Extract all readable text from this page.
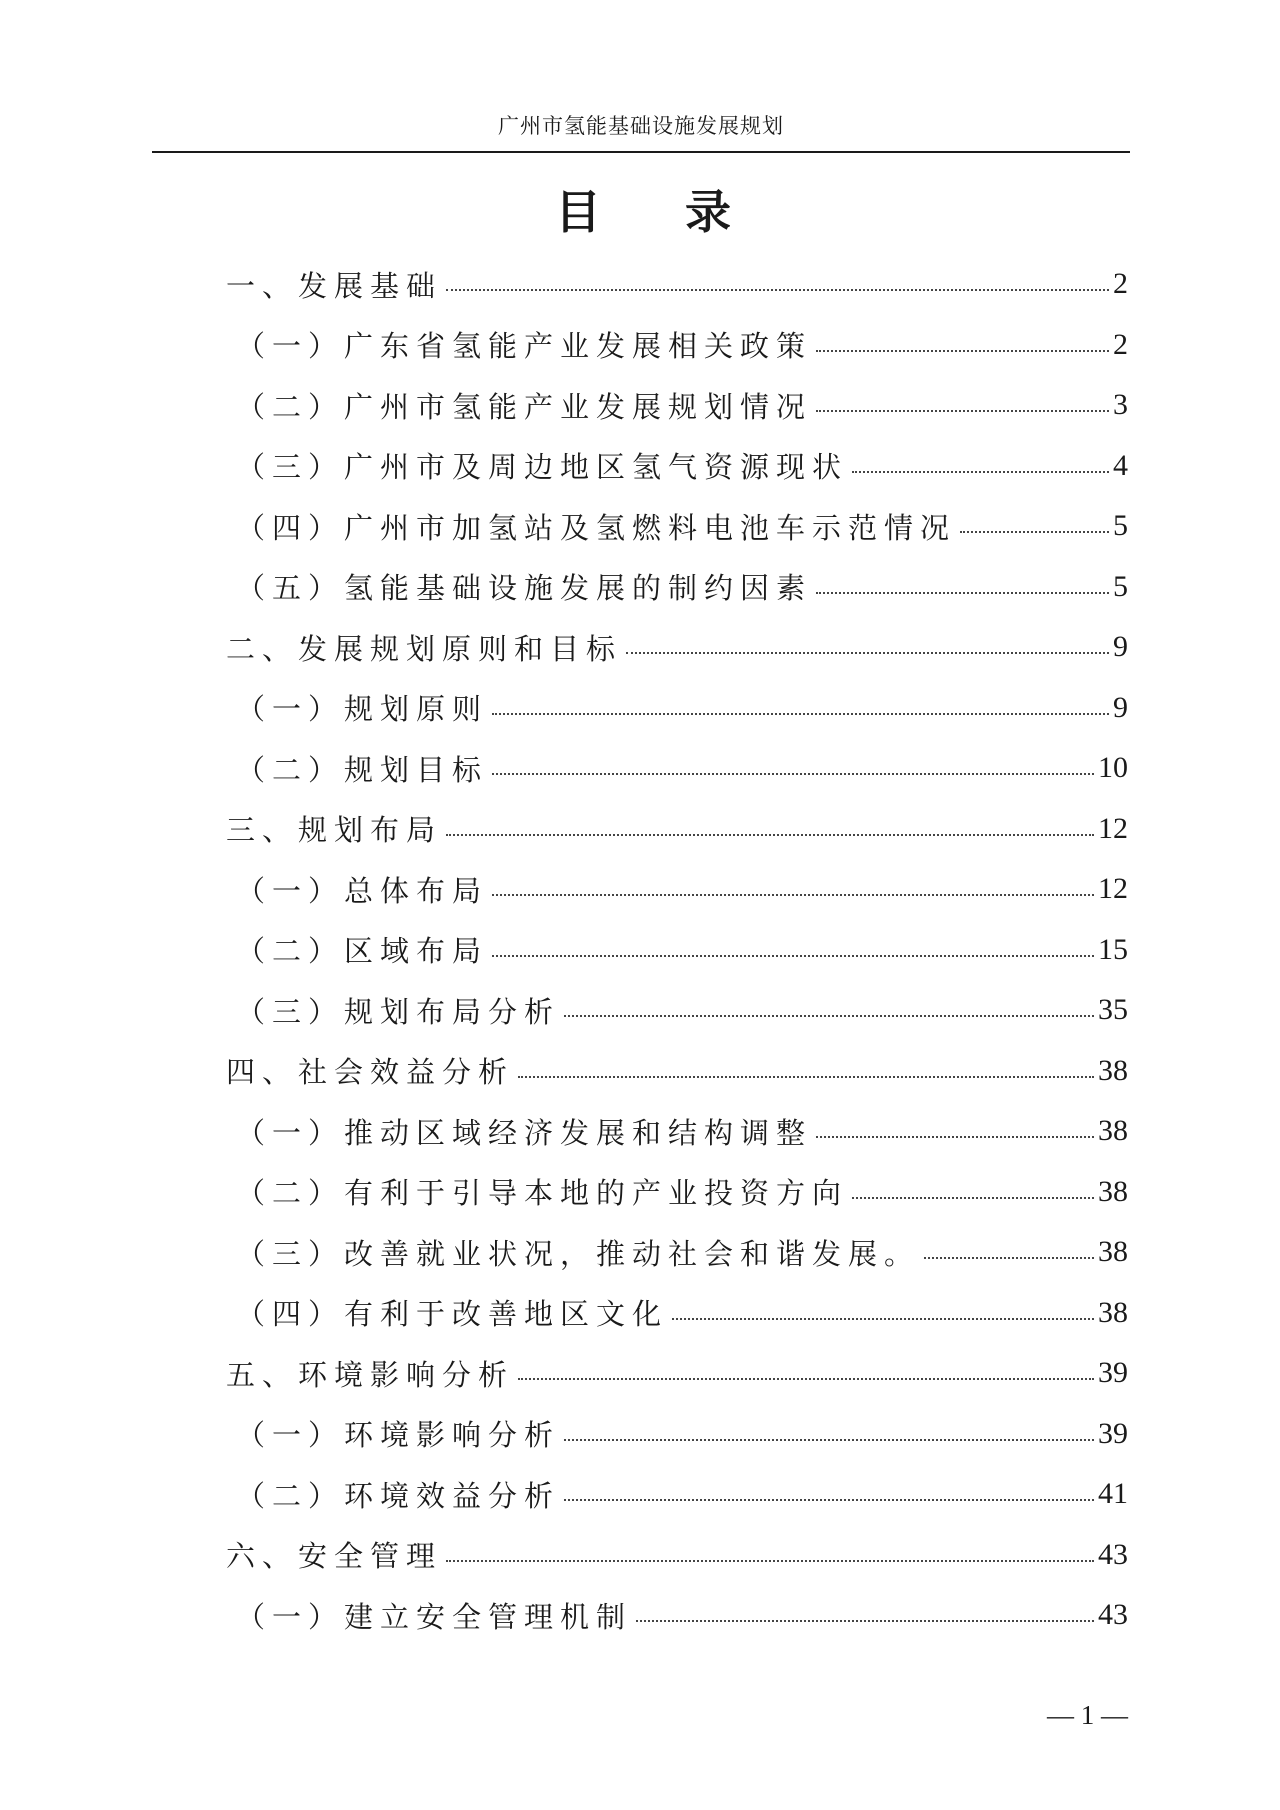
广州市氢能基础设施发展规划
目 录
一、发展基础	2
（一）广东省氢能产业发展相关政策	2
（二）广州市氢能产业发展规划情况	3
（三）广州市及周边地区氢气资源现状	4
（四）广州市加氢站及氢燃料电池车示范情况	5
（五）氢能基础设施发展的制约因素	5
二、发展规划原则和目标	9
（一）规划原则	9
（二）规划目标	10
三、规划布局	12
（一）总体布局	12
（二）区域布局	15
（三）规划布局分析	35
四、社会效益分析	38
（一）推动区域经济发展和结构调整	38
（二）有利于引导本地的产业投资方向	38
（三）改善就业状况，推动社会和谐发展。	38
（四）有利于改善地区文化	38
五、环境影响分析	39
（一）环境影响分析	39
（二）环境效益分析	41
六、安全管理	43
（一）建立安全管理机制	43
— 1 —
